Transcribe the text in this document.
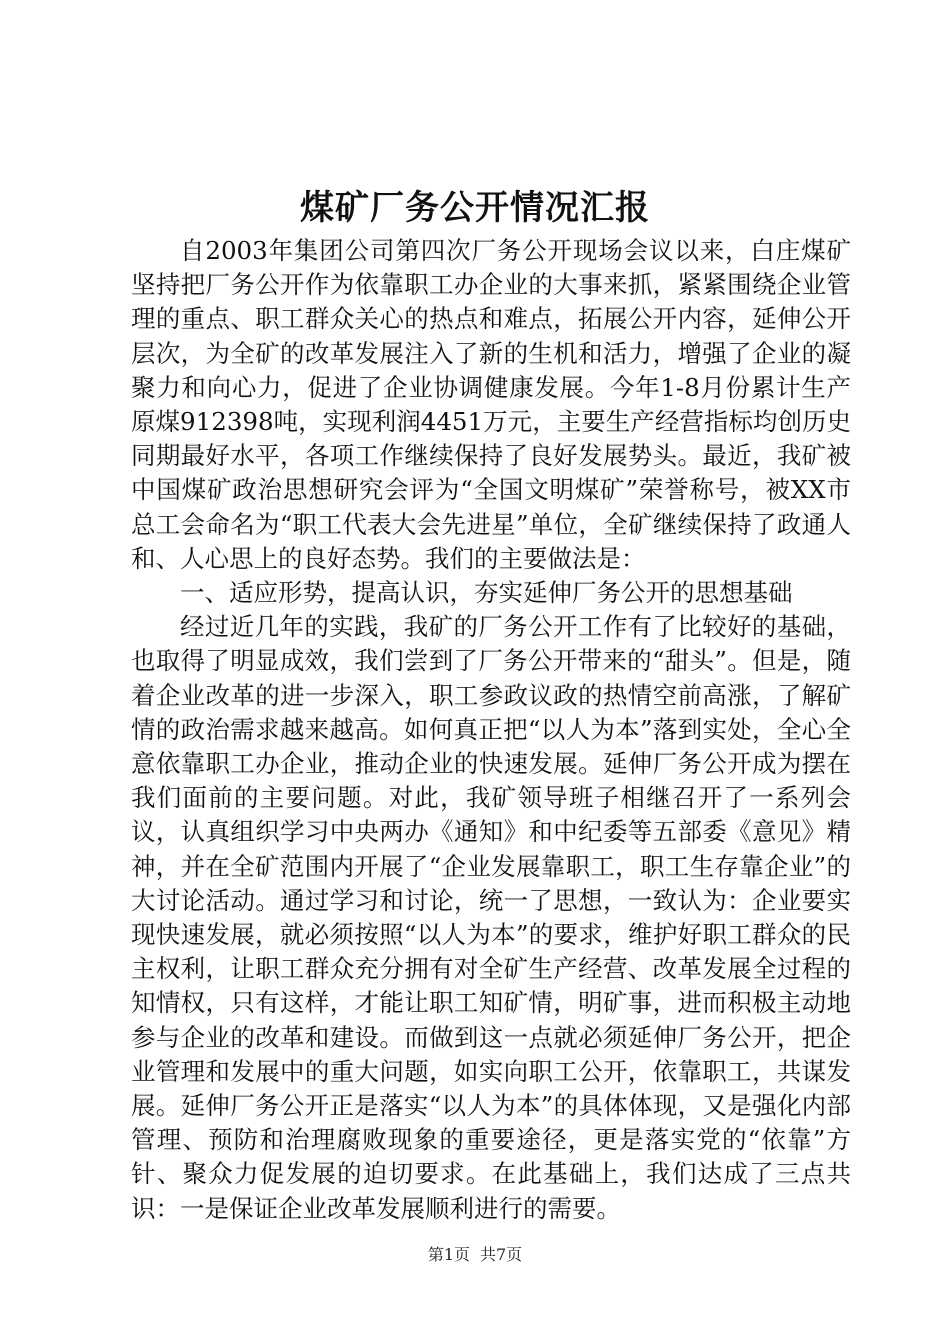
煤矿厂务公开情况汇报

自2003年集团公司第四次厂务公开现场会议以来，白庄煤矿坚持把厂务公开作为依靠职工办企业的大事来抓，紧紧围绕企业管理的重点、职工群众关心的热点和难点，拓展公开内容，延伸公开层次，为全矿的改革发展注入了新的生机和活力，增强了企业的凝聚力和向心力，促进了企业协调健康发展。今年1-8月份累计生产原煤912398吨，实现利润4451万元，主要生产经营指标均创历史同期最好水平，各项工作继续保持了良好发展势头。最近，我矿被中国煤矿政治思想研究会评为“全国文明煤矿”荣誉称号，被XX市总工会命名为“职工代表大会先进星”单位，全矿继续保持了政通人和、人心思上的良好态势。我们的主要做法是：

一、适应形势，提高认识，夯实延伸厂务公开的思想基础

经过近几年的实践，我矿的厂务公开工作有了比较好的基础，也取得了明显成效，我们尝到了厂务公开带来的“甜头”。但是，随着企业改革的进一步深入，职工参政议政的热情空前高涨，了解矿情的政治需求越来越高。如何真正把“以人为本”落到实处，全心全意依靠职工办企业，推动企业的快速发展。延伸厂务公开成为摆在我们面前的主要问题。对此，我矿领导班子相继召开了一系列会议，认真组织学习中央两办《通知》和中纪委等五部委《意见》精神，并在全矿范围内开展了“企业发展靠职工，职工生存靠企业”的大讨论活动。通过学习和讨论，统一了思想，一致认为：企业要实现快速发展，就必须按照“以人为本”的要求，维护好职工群众的民主权利，让职工群众充分拥有对全矿生产经营、改革发展全过程的知情权，只有这样，才能让职工知矿情，明矿事，进而积极主动地参与企业的改革和建设。而做到这一点就必须延伸厂务公开，把企业管理和发展中的重大问题，如实向职工公开，依靠职工，共谋发展。延伸厂务公开正是落实“以人为本”的具体体现，又是强化内部管理、预防和治理腐败现象的重要途径，更是落实党的“依靠”方针、聚众力促发展的迫切要求。在此基础上，我们达成了三点共识：一是保证企业改革发展顺利进行的需要。

第1页 共7页
